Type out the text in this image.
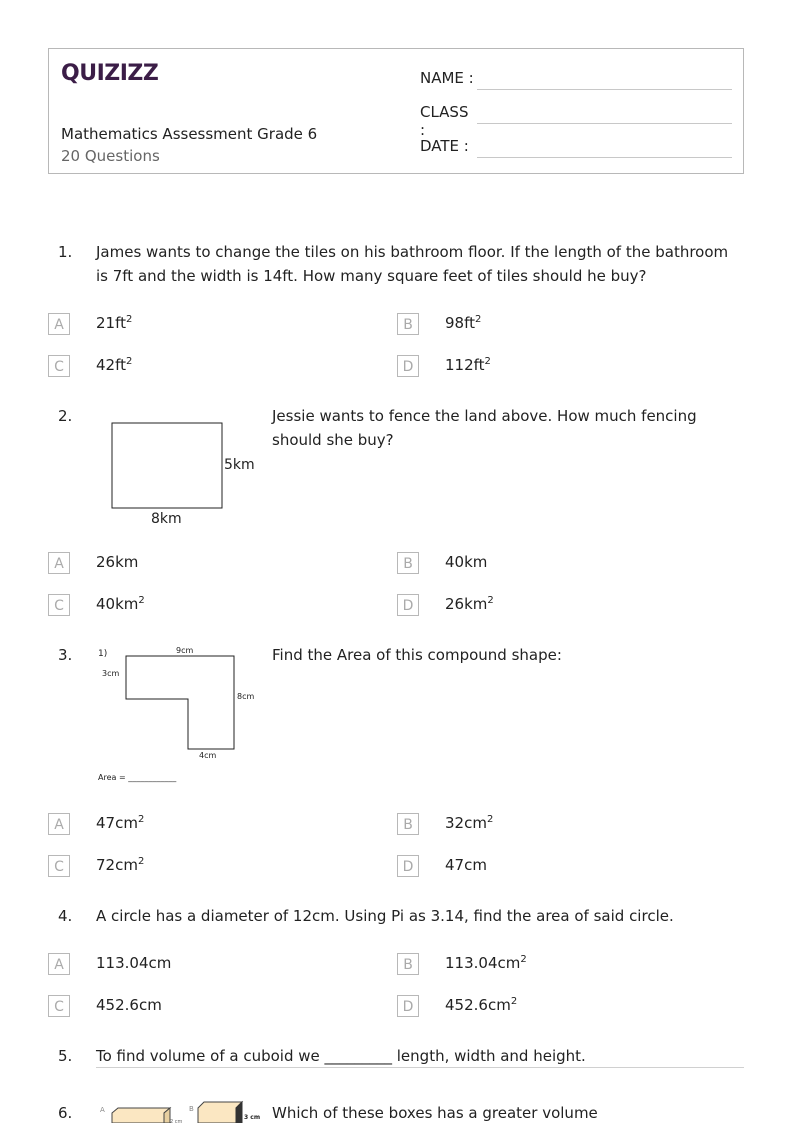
QUIZIZZ
Mathematics Assessment Grade 6
20 Questions
NAME :
CLASS :
DATE :
1. James wants to change the tiles on his bathroom floor. If the length of the bathroom is 7ft and the width is 14ft. How many square feet of tiles should he buy?
A	$21ft^2$	B	$98ft^2$
C	$42ft^2$	D	$112ft^2$
2.
5km
8km
Jessie wants to fence the land above. How much fencing should she buy?
A	26km	B	40km
C	$40km^2$	D	$26km^2$
3.	1)	9cm
3cm
8cm
4cm
Area = ____________
Find the Area of this compound shape:
A	$47cm^2$	B	$32cm^2$
C	$72cm^2$	D	47cm
4. A circle has a diameter of 12cm. Using Pi as 3.14, find the area of said circle.
A	113.04cm	B	$113.04cm^2$
C	452.6cm	D	$452.6cm^2$
5. To find volume of a cuboid we _________ length, width and height.
6.	A
2 cm
B
3 cm Which of these boxes has a greater volume
